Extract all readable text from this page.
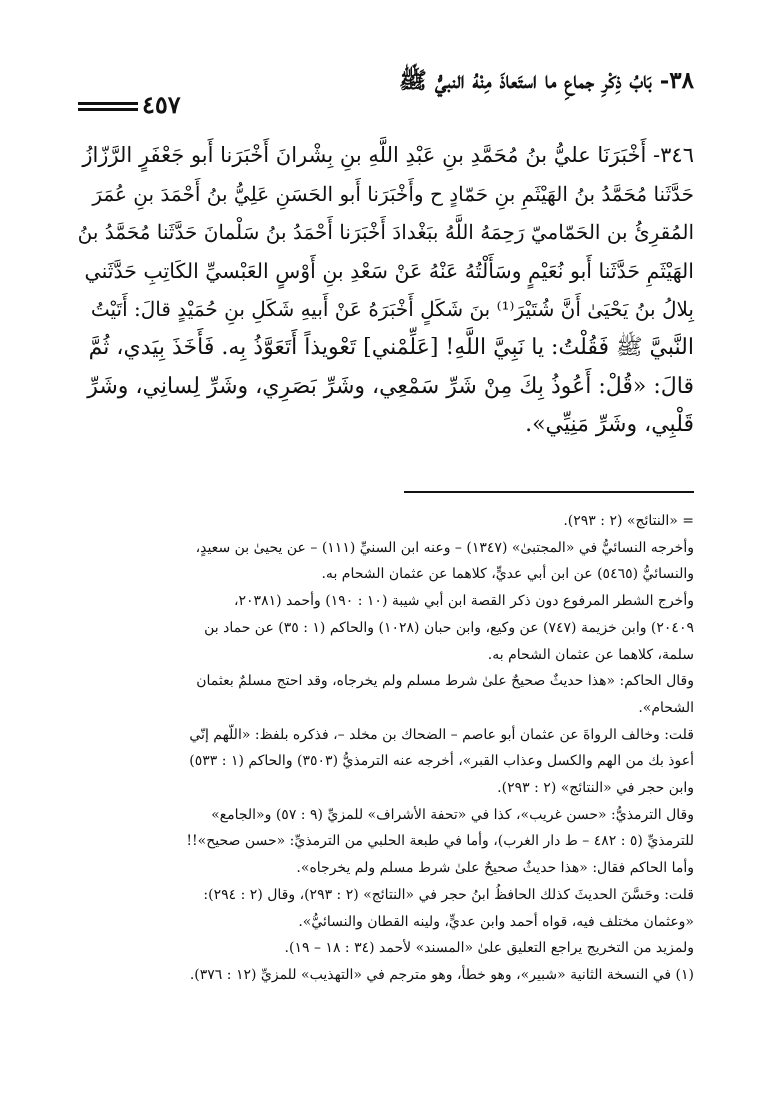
٣٨- بَابُ ذِكْرِ جماعِ ما استَعاذَ مِنْهُ النبيُّ ﷺ
٤٥٧
٣٤٦- أَخْبَرَنَا عليُّ بنُ مُحَمَّدِ بنِ عَبْدِ اللَّهِ بنِ بِشْرانَ أَخْبَرَنا أَبو جَعْفَرٍ الرَّزّازُ
حَدَّثَنا مُحَمَّدُ بنُ الهَيْثَمِ بنِ حَمّادٍ ح وأَخْبَرَنا أَبو الحَسَنِ عَلِيُّ بنُ أَحْمَدَ بنِ عُمَرَ
المُقرِئُ بن الحَمّاميّ رَحِمَهُ اللَّهُ ببَغْدادَ أَخْبَرَنا أَحْمَدُ بنُ سَلْمانَ حَدَّثَنا مُحَمَّدُ بنُ
الهَيْثَمِ حَدَّثَنا أَبو نُعَيْمٍ وسَأَلْتُهُ عَنْهُ عَنْ سَعْدِ بنِ أَوْسٍ العَبْسيِّ الكَاتِبِ حَدَّثَني
بِلالُ بنُ يَحْيَىٰ أَنَّ شُتَيْرَ⁽¹⁾ بنَ شَكَلٍ أَخْبَرَهُ عَنْ أَبيهِ شَكَلِ بنِ حُمَيْدٍ قالَ: أَتَيْتُ
النَّبيَّ ﷺ فَقُلْتُ: يا نَبِيَّ اللَّهِ! [عَلِّمْني] تَعْويذاً أَتَعَوَّذُ بِه. فَأَخَذَ بِيَدي، ثُمَّ
قالَ: «قُلْ: أَعُوذُ بِكَ مِنْ شَرِّ سَمْعِي، وشَرِّ بَصَرِي، وشَرِّ لِسانِي، وشَرِّ
قَلْبِي، وشَرِّ مَنِيِّي».
= «النتائج» (٢ : ٢٩٣).
وأخرجه النسائيُّ في «المجتبىٰ» (١٣٤٧) – وعنه ابن السنيِّ (١١١) – عن يحيىٰ بن سعيدٍ،
والنسائيُّ (٥٤٦٥) عن ابن أبي عديٍّ، كلاهما عن عثمان الشحام به.
وأخرج الشطر المرفوع دون ذكر القصة ابن أبي شيبة (١٠ : ١٩٠) وأحمد (٢٠٣٨١،
٢٠٤٠٩) وابن خزيمة (٧٤٧) عن وكيع، وابن حبان (١٠٢٨) والحاكم (١ : ٣٥) عن حماد بن
سلمة، كلاهما عن عثمان الشحام به.
وقال الحاكم: «هذا حديثٌ صحيحٌ علىٰ شرط مسلم ولم يخرجاه، وقد احتج مسلمٌ بعثمان
الشحام».
قلت: وخالف الرواةَ عن عثمان أبو عاصم – الضحاك بن مخلد –، فذكره بلفظ: «اللّهم إنّي
أعوذ بك من الهم والكسل وعذاب القبر»، أخرجه عنه الترمذيُّ (٣٥٠٣) والحاكم (١ : ٥٣٣)
وابن حجر في «النتائج» (٢ : ٢٩٣).
وقال الترمذيُّ: «حسن غريب»، كذا في «تحفة الأشراف» للمزيِّ (٩ : ٥٧) و«الجامع»
للترمذيِّ (٥ : ٤٨٢ – ط دار الغرب)، وأما في طبعة الحلبي من الترمذيِّ: «حسن صحيح»!!
وأما الحاكم فقال: «هذا حديثٌ صحيحٌ علىٰ شرط مسلم ولم يخرجاه».
قلت: وحَسَّنَ الحديثَ كذلك الحافظُ ابنُ حجر في «النتائج» (٢ : ٢٩٣)، وقال (٢ : ٢٩٤):
«وعثمان مختلف فيه، قواه أحمد وابن عديٍّ، ولينه القطان والنسائيُّ».
ولمزيد من التخريج يراجع التعليق علىٰ «المسند» لأحمد (٣٤ : ١٨ – ١٩).
(١) في النسخة الثانية «شبير»، وهو خطأ، وهو مترجم في «التهذيب» للمزيِّ (١٢ : ٣٧٦).
